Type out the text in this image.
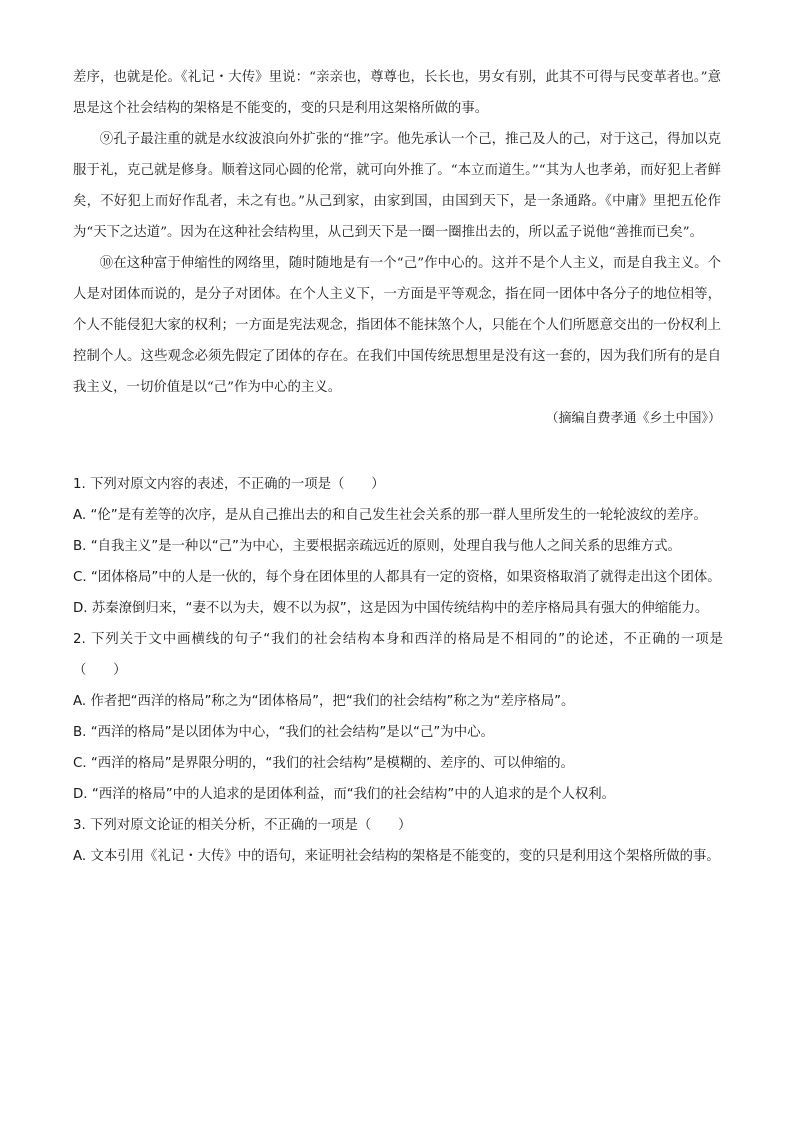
差序，也就是伦。《礼记・大传》里说：“亲亲也，尊尊也，长长也，男女有别，此其不可得与民变革者也。”意思是这个社会结构的架格是不能变的，变的只是利用这架格所做的事。

⑨孔子最注重的就是水纹波浪向外扩张的“推”字。他先承认一个己，推己及人的己，对于这己，得加以克服于礼，克己就是修身。顺着这同心圆的伦常，就可向外推了。“本立而道生。”“其为人也孝弟，而好犯上者鲜矣，不好犯上而好作乱者，未之有也。”从己到家，由家到国，由国到天下，是一条通路。《中庸》里把五伦作为“天下之达道”。因为在这种社会结构里，从己到天下是一圈一圈推出去的，所以孟子说他“善推而已矣”。

⑩在这种富于伸缩性的网络里，随时随地是有一个“己”作中心的。这并不是个人主义，而是自我主义。个人是对团体而说的，是分子对团体。在个人主义下，一方面是平等观念，指在同一团体中各分子的地位相等，个人不能侵犯大家的权利；一方面是宪法观念，指团体不能抹煞个人，只能在个人们所愿意交出的一份权利上控制个人。这些观念必须先假定了团体的存在。在我们中国传统思想里是没有这一套的，因为我们所有的是自我主义，一切价值是以“己”作为中心的主义。

（摘编自费孝通《乡土中国》）

1. 下列对原文内容的表述，不正确的一项是（　　）

A. “伦”是有差等的次序，是从自己推出去的和自己发生社会关系的那一群人里所发生的一轮轮波纹的差序。

B. “自我主义”是一种以“己”为中心，主要根据亲疏远近的原则，处理自我与他人之间关系的思维方式。

C. “团体格局”中的人是一伙的，每个身在团体里的人都具有一定的资格，如果资格取消了就得走出这个团体。

D. 苏秦潦倒归来，“妻不以为夫，嫂不以为叔”，这是因为中国传统结构中的差序格局具有强大的伸缩能力。

2. 下列关于文中画横线的句子“我们的社会结构本身和西洋的格局是不相同的”的论述，不正确的一项是（　　）

A. 作者把“西洋的格局”称之为“团体格局”，把“我们的社会结构”称之为“差序格局”。

B. “西洋的格局”是以团体为中心，“我们的社会结构”是以“己”为中心。

C. “西洋的格局”是界限分明的，“我们的社会结构”是模糊的、差序的、可以伸缩的。

D. “西洋的格局”中的人追求的是团体利益，而“我们的社会结构”中的人追求的是个人权利。

3. 下列对原文论证的相关分析，不正确的一项是（　　）

A. 文本引用《礼记・大传》中的语句，来证明社会结构的架格是不能变的，变的只是利用这个架格所做的事。
